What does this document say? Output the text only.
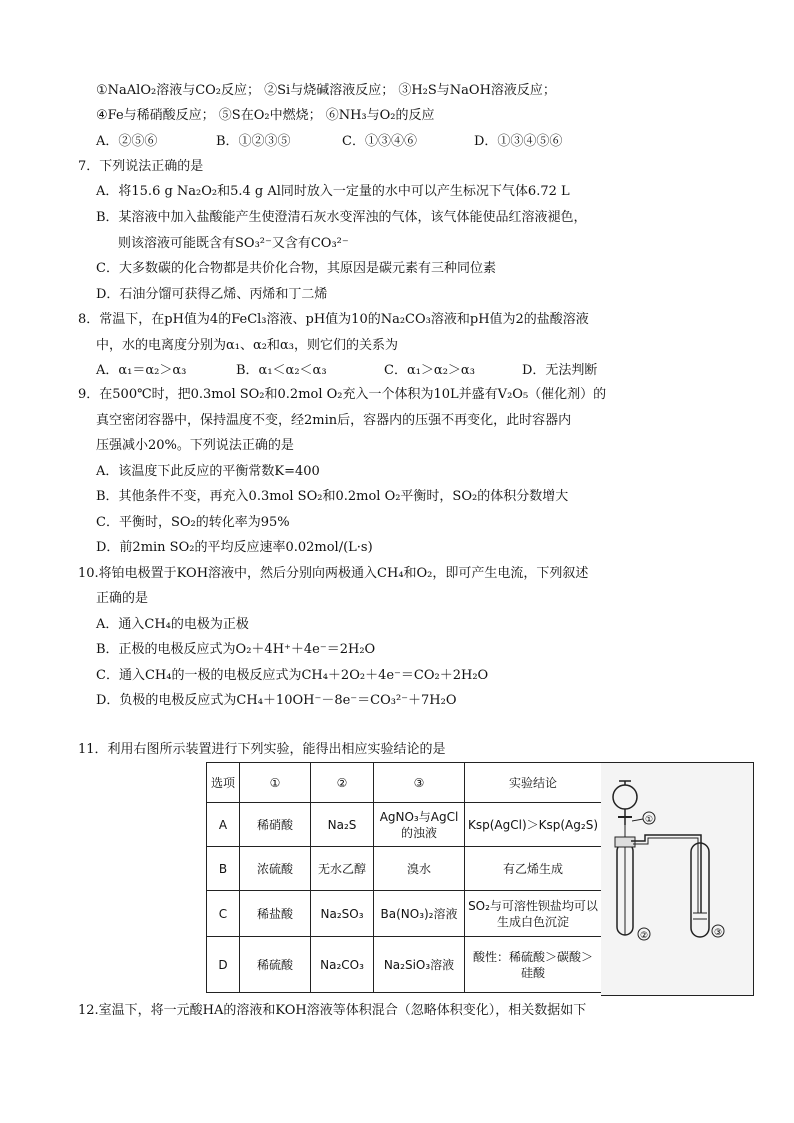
①NaAlO₂溶液与CO₂反应； ②Si与烧碱溶液反应； ③H₂S与NaOH溶液反应；
④Fe与稀硝酸反应； ⑤S在O₂中燃烧； ⑥NH₃与O₂的反应
A．②⑤⑥	B．①②③⑤	C．①③④⑥	D．①③④⑤⑥
7．下列说法正确的是
A．将15.6 g Na₂O₂和5.4 g Al同时放入一定量的水中可以产生标况下气体6.72 L
B．某溶液中加入盐酸能产生使澄清石灰水变浑浊的气体，该气体能使品红溶液褪色，
则该溶液可能既含有SO₃²⁻又含有CO₃²⁻
C．大多数碳的化合物都是共价化合物，其原因是碳元素有三种同位素
D．石油分馏可获得乙烯、丙烯和丁二烯
8．常温下，在pH值为4的FeCl₃溶液、pH值为10的Na₂CO₃溶液和pH值为2的盐酸溶液
中，水的电离度分别为α₁、α₂和α₃，则它们的关系为
A．α₁＝α₂＞α₃	B．α₁＜α₂＜α₃	C．α₁＞α₂＞α₃	D．无法判断
9．在500℃时，把0.3mol SO₂和0.2mol O₂充入一个体积为10L并盛有V₂O₅（催化剂）的
真空密闭容器中，保持温度不变，经2min后，容器内的压强不再变化，此时容器内
压强减小20%。下列说法正确的是
A．该温度下此反应的平衡常数K=400
B．其他条件不变，再充入0.3mol SO₂和0.2mol O₂平衡时，SO₂的体积分数增大
C．平衡时，SO₂的转化率为95%
D．前2min SO₂的平均反应速率0.02mol/(L·s)
10.将铂电极置于KOH溶液中，然后分别向两极通入CH₄和O₂，即可产生电流，下列叙述
正确的是
A．通入CH₄的电极为正极
B．正极的电极反应式为O₂＋4H⁺＋4e⁻＝2H₂O
C．通入CH₄的一极的电极反应式为CH₄＋2O₂＋4e⁻＝CO₂＋2H₂O
D．负极的电极反应式为CH₄＋10OH⁻－8e⁻＝CO₃²⁻＋7H₂O
11．利用右图所示装置进行下列实验，能得出相应实验结论的是
选项	①	②	③	实验结论
A	稀硝酸	Na₂S	AgNO₃与AgCl的浊液	Ksp(AgCl)＞Ksp(Ag₂S)
B	浓硫酸	无水乙醇	溴水	有乙烯生成
C	稀盐酸	Na₂SO₃	Ba(NO₃)₂溶液	SO₂与可溶性钡盐均可以生成白色沉淀
D	稀硫酸	Na₂CO₃	Na₂SiO₃溶液	酸性：稀硫酸＞碳酸＞硅酸
①
②	③
12.室温下，将一元酸HA的溶液和KOH溶液等体积混合（忽略体积变化），相关数据如下
